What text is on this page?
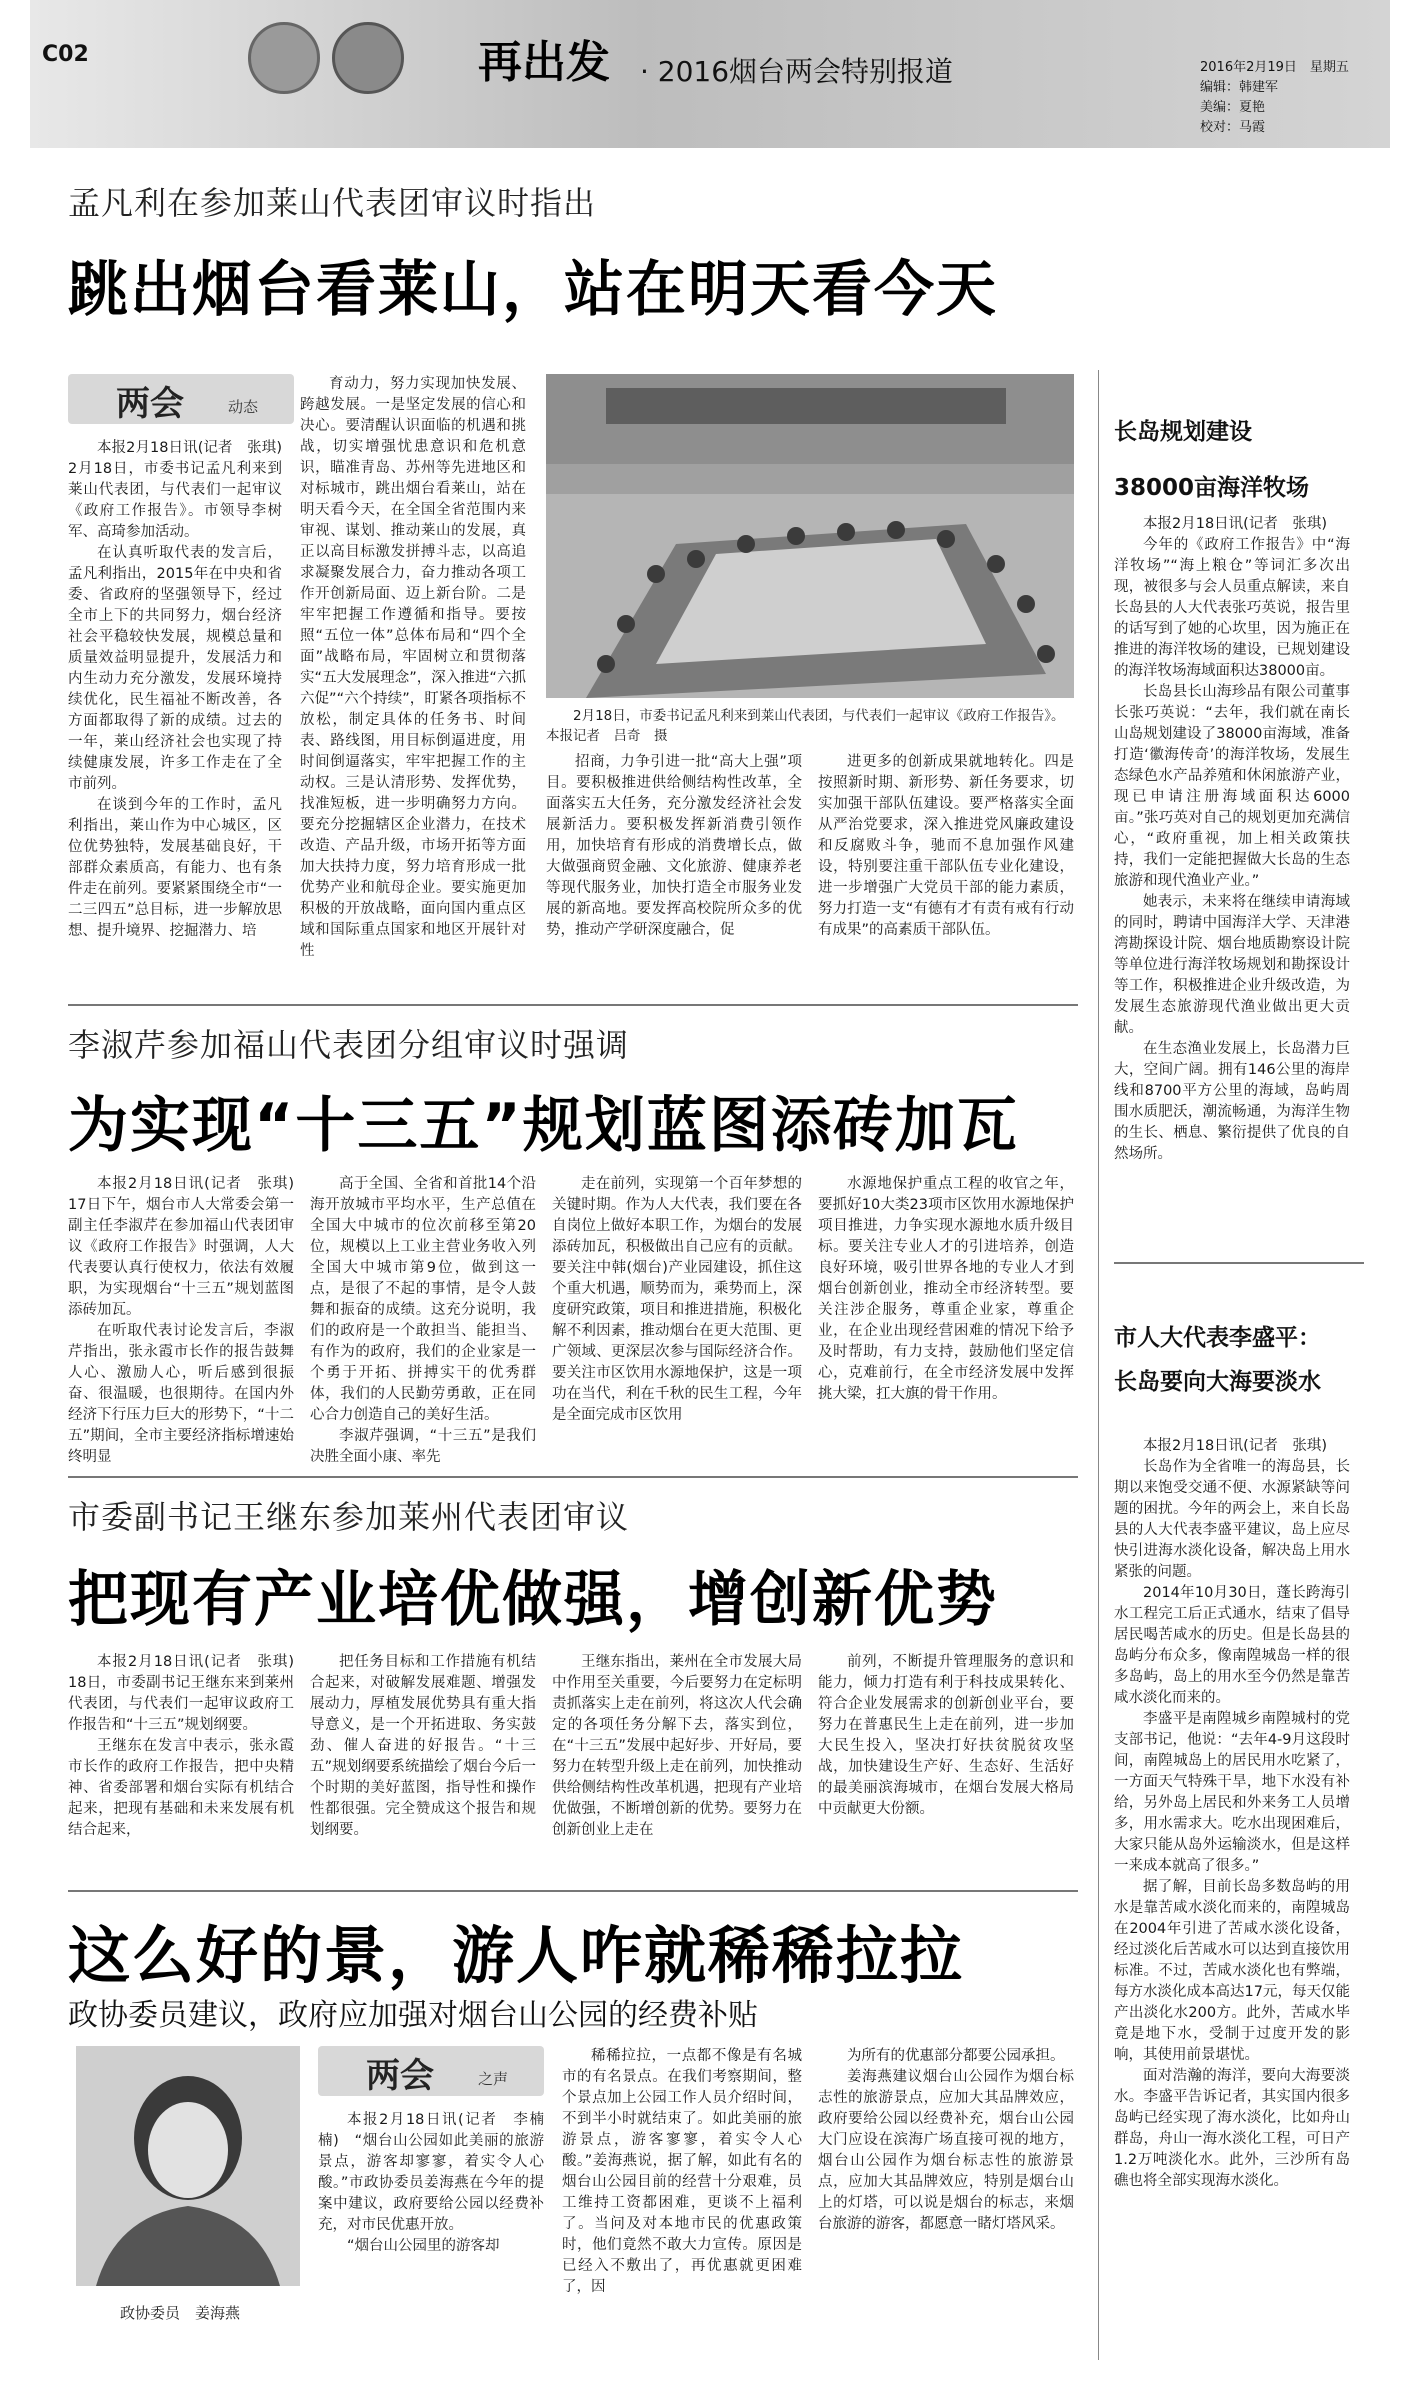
C02	再出发 · 2016烟台两会特别报道	2016年2月19日　星期五
编辑：韩建军
美编：夏艳
校对：马霞
孟凡利在参加莱山代表团审议时指出
跳出烟台看莱山，站在明天看今天
两会	动态

本报2月18日讯(记者　张琪)　2月18日，市委书记孟凡利来到莱山代表团，与代表们一起审议《政府工作报告》。市领导李树军、高琦参加活动。

在认真听取代表的发言后，孟凡利指出，2015年在中央和省委、省政府的坚强领导下，经过全市上下的共同努力，烟台经济社会平稳较快发展，规模总量和质量效益明显提升，发展活力和内生动力充分激发，发展环境持续优化，民生福祉不断改善，各方面都取得了新的成绩。过去的一年，莱山经济社会也实现了持续健康发展，许多工作走在了全市前列。

在谈到今年的工作时，孟凡利指出，莱山作为中心城区，区位优势独特，发展基础良好，干部群众素质高，有能力、也有条件走在前列。要紧紧围绕全市“一二三四五”总目标，进一步解放思想、提升境界、挖掘潜力、培

育动力，努力实现加快发展、跨越发展。一是坚定发展的信心和决心。要清醒认识面临的机遇和挑战，切实增强忧患意识和危机意识，瞄准青岛、苏州等先进地区和对标城市，跳出烟台看莱山，站在明天看今天，在全国全省范围内来审视、谋划、推动莱山的发展，真正以高目标激发拼搏斗志，以高追求凝聚发展合力，奋力推动各项工作开创新局面、迈上新台阶。二是牢牢把握工作遵循和指导。要按照“五位一体”总体布局和“四个全面”战略布局，牢固树立和贯彻落实“五大发展理念”，深入推进“六抓六促”“六个持续”，盯紧各项指标不放松，制定具体的任务书、时间表、路线图，用目标倒逼进度，用时间倒逼落实，牢牢把握工作的主动权。三是认清形势、发挥优势，找准短板，进一步明确努力方向。要充分挖掘辖区企业潜力，在技术改造、产品升级，市场开拓等方面加大扶持力度，努力培育形成一批优势产业和航母企业。要实施更加积极的开放战略，面向国内重点区域和国际重点国家和地区开展针对性

2月18日，市委书记孟凡利来到莱山代表团，与代表们一起审议《政府工作报告》。　本报记者　吕奇　摄

招商，力争引进一批“高大上强”项目。要积极推进供给侧结构性改革，全面落实五大任务，充分激发经济社会发展新活力。要积极发挥新消费引领作用，加快培育有形成的消费增长点，做大做强商贸金融、文化旅游、健康养老等现代服务业，加快打造全市服务业发展的新高地。要发挥高校院所众多的优势，推动产学研深度融合，促

进更多的创新成果就地转化。四是按照新时期、新形势、新任务要求，切实加强干部队伍建设。要严格落实全面从严治党要求，深入推进党风廉政建设和反腐败斗争，驰而不息加强作风建设，特别要注重干部队伍专业化建设，进一步增强广大党员干部的能力素质，努力打造一支“有德有才有责有戒有行动有成果”的高素质干部队伍。

李淑芹参加福山代表团分组审议时强调
为实现“十三五”规划蓝图添砖加瓦

本报2月18日讯(记者　张琪)　17日下午，烟台市人大常委会第一副主任李淑芹在参加福山代表团审议《政府工作报告》时强调，人大代表要认真行使权力，依法有效履职，为实现烟台“十三五”规划蓝图添砖加瓦。

在听取代表讨论发言后，李淑芹指出，张永霞市长作的报告鼓舞人心、激励人心，听后感到很振奋、很温暖，也很期待。在国内外经济下行压力巨大的形势下，“十二五”期间，全市主要经济指标增速始终明显

高于全国、全省和首批14个沿海开放城市平均水平，生产总值在全国大中城市的位次前移至第20位，规模以上工业主营业务收入列全国大中城市第9位，做到这一点，是很了不起的事情，是令人鼓舞和振奋的成绩。这充分说明，我们的政府是一个敢担当、能担当、有作为的政府，我们的企业家是一个勇于开拓、拼搏实干的优秀群体，我们的人民勤劳勇敢，正在同心合力创造自己的美好生活。

李淑芹强调，“十三五”是我们决胜全面小康、率先

走在前列，实现第一个百年梦想的关键时期。作为人大代表，我们要在各自岗位上做好本职工作，为烟台的发展添砖加瓦，积极做出自己应有的贡献。要关注中韩(烟台)产业园建设，抓住这个重大机遇，顺势而为，乘势而上，深度研究政策，项目和推进措施，积极化解不利因素，推动烟台在更大范围、更广领域、更深层次参与国际经济合作。要关注市区饮用水源地保护，这是一项功在当代，利在千秋的民生工程，今年是全面完成市区饮用

水源地保护重点工程的收官之年，要抓好10大类23项市区饮用水源地保护项目推进，力争实现水源地水质升级目标。要关注专业人才的引进培养，创造良好环境，吸引世界各地的专业人才到烟台创新创业，推动全市经济转型。要关注涉企服务，尊重企业家，尊重企业，在企业出现经营困难的情况下给予及时帮助，有力支持，鼓励他们坚定信心，克难前行，在全市经济发展中发挥挑大梁，扛大旗的骨干作用。

市委副书记王继东参加莱州代表团审议
把现有产业培优做强，增创新优势

本报2月18日讯(记者　张琪)　18日，市委副书记王继东来到莱州代表团，与代表们一起审议政府工作报告和“十三五”规划纲要。

王继东在发言中表示，张永霞市长作的政府工作报告，把中央精神、省委部署和烟台实际有机结合起来，把现有基础和未来发展有机结合起来，

把任务目标和工作措施有机结合起来，对破解发展难题、增强发展动力，厚植发展优势具有重大指导意义，是一个开拓进取、务实鼓劲、催人奋进的好报告。“十三五”规划纲要系统描绘了烟台今后一个时期的美好蓝图，指导性和操作性都很强。完全赞成这个报告和规划纲要。

王继东指出，莱州在全市发展大局中作用至关重要，今后要努力在定标明责抓落实上走在前列，将这次人代会确定的各项任务分解下去，落实到位，在“十三五”发展中起好步、开好局，要努力在转型升级上走在前列，加快推动供给侧结构性改革机遇，把现有产业培优做强，不断增创新的优势。要努力在创新创业上走在

前列，不断提升管理服务的意识和能力，倾力打造有利于科技成果转化、符合企业发展需求的创新创业平台，要努力在普惠民生上走在前列，进一步加大民生投入，坚决打好扶贫脱贫攻坚战，加快建设生产好、生态好、生活好的最美丽滨海城市，在烟台发展大格局中贡献更大份额。

这么好的景，游人咋就稀稀拉拉
政协委员建议，政府应加强对烟台山公园的经费补贴
政协委员　姜海燕
两会	之声

本报2月18日讯(记者　李楠楠)　“烟台山公园如此美丽的旅游景点，游客却寥寥，着实令人心酸。”市政协委员姜海燕在今年的提案中建议，政府要给公园以经费补充，对市民优惠开放。

“烟台山公园里的游客却

稀稀拉拉，一点都不像是有名城市的有名景点。在我们考察期间，整个景点加上公园工作人员介绍时间，不到半小时就结束了。如此美丽的旅游景点，游客寥寥，着实令人心酸。”姜海燕说，据了解，如此有名的烟台山公园目前的经营十分艰难，员工维持工资都困难，更谈不上福利了。当问及对本地市民的优惠政策时，他们竟然不敢大力宣传。原因是已经入不敷出了，再优惠就更困难了，因

为所有的优惠部分都要公园承担。

姜海燕建议烟台山公园作为烟台标志性的旅游景点，应加大其品牌效应，政府要给公园以经费补充，烟台山公园大门应设在滨海广场直接可视的地方，烟台山公园作为烟台标志性的旅游景点，应加大其品牌效应，特别是烟台山上的灯塔，可以说是烟台的标志，来烟台旅游的游客，都愿意一睹灯塔风采。

长岛规划建设
38000亩海洋牧场

本报2月18日讯(记者　张琪)

今年的《政府工作报告》中“海洋牧场”“海上粮仓”等词汇多次出现，被很多与会人员重点解读，来自长岛县的人大代表张巧英说，报告里的话写到了她的心坎里，因为施正在推进的海洋牧场的建设，已规划建设的海洋牧场海域面积达38000亩。

长岛县长山海珍品有限公司董事长张巧英说：“去年，我们就在南长山岛规划建设了38000亩海域，准备打造‘徽海传奇’的海洋牧场，发展生态绿色水产品养殖和休闲旅游产业，现已申请注册海域面积达6000亩。”张巧英对自己的规划更加充满信心，“政府重视，加上相关政策扶持，我们一定能把握做大长岛的生态旅游和现代渔业产业。”

她表示，未来将在继续申请海域的同时，聘请中国海洋大学、天津港湾勘探设计院、烟台地质勘察设计院等单位进行海洋牧场规划和勘探设计等工作，积极推进企业升级改造，为发展生态旅游现代渔业做出更大贡献。

在生态渔业发展上，长岛潜力巨大，空间广阔。拥有146公里的海岸线和8700平方公里的海域，岛屿周围水质肥沃，潮流畅通，为海洋生物的生长、栖息、繁衍提供了优良的自然场所。

市人大代表李盛平：
长岛要向大海要淡水

本报2月18日讯(记者　张琪)

长岛作为全省唯一的海岛县，长期以来饱受交通不便、水源紧缺等问题的困扰。今年的两会上，来自长岛县的人大代表李盛平建议，岛上应尽快引进海水淡化设备，解决岛上用水紧张的问题。

2014年10月30日，蓬长跨海引水工程完工后正式通水，结束了倡导居民喝苦咸水的历史。但是长岛县的岛屿分布众多，像南隍城岛一样的很多岛屿，岛上的用水至今仍然是靠苦咸水淡化而来的。

李盛平是南隍城乡南隍城村的党支部书记，他说：“去年4-9月这段时间，南隍城岛上的居民用水吃紧了，一方面天气特殊干旱，地下水没有补给，另外岛上居民和外来务工人员增多，用水需求大。吃水出现困难后，大家只能从岛外运输淡水，但是这样一来成本就高了很多。”

据了解，目前长岛多数岛屿的用水是靠苦咸水淡化而来的，南隍城岛在2004年引进了苦咸水淡化设备，经过淡化后苦咸水可以达到直接饮用标准。不过，苦咸水淡化也有弊端，每方水淡化成本高达17元，每天仅能产出淡化水200方。此外，苦咸水毕竟是地下水，受制于过度开发的影响，其使用前景堪忧。

面对浩瀚的海洋，要向大海要淡水。李盛平告诉记者，其实国内很多岛屿已经实现了海水淡化，比如舟山群岛，舟山一海水淡化工程，可日产1.2万吨淡化水。此外，三沙所有岛礁也将全部实现海水淡化。
